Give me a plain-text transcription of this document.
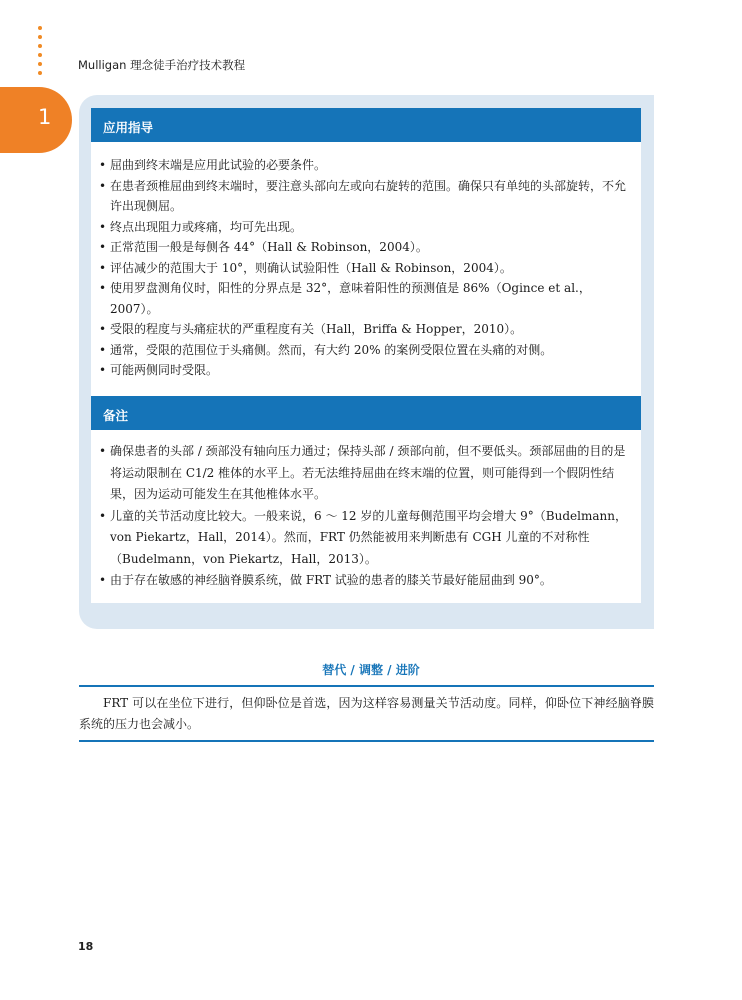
Mulligan 理念徒手治疗技术教程
1	应用指导
• 屈曲到终末端是应用此试验的必要条件。
• 在患者颈椎屈曲到终末端时，要注意头部向左或向右旋转的范围。确保只有单纯的头部旋转，不允许出现侧屈。
• 终点出现阻力或疼痛，均可先出现。
• 正常范围一般是每侧各 44°（Hall & Robinson，2004）。
• 评估减少的范围大于 10°，则确认试验阳性（Hall & Robinson，2004）。
• 使用罗盘测角仪时，阳性的分界点是 32°，意味着阳性的预测值是 86%（Ogince et al.，2007）。
• 受限的程度与头痛症状的严重程度有关（Hall，Briffa & Hopper，2010）。
• 通常，受限的范围位于头痛侧。然而，有大约 20% 的案例受限位置在头痛的对侧。
• 可能两侧同时受限。
备注
• 确保患者的头部 / 颈部没有轴向压力通过；保持头部 / 颈部向前，但不要低头。颈部屈曲的目的是将运动限制在 C1/2 椎体的水平上。若无法维持屈曲在终末端的位置，则可能得到一个假阴性结果，因为运动可能发生在其他椎体水平。
• 儿童的关节活动度比较大。一般来说，6 ～ 12 岁的儿童每侧范围平均会增大 9°（Budelmann，von Piekartz，Hall，2014）。然而，FRT 仍然能被用来判断患有 CGH 儿童的不对称性（Budelmann，von Piekartz，Hall，2013）。
• 由于存在敏感的神经脑脊膜系统，做 FRT 试验的患者的膝关节最好能屈曲到 90°。
替代 / 调整 / 进阶

FRT 可以在坐位下进行，但仰卧位是首选，因为这样容易测量关节活动度。同样，仰卧位下神经脑脊膜系统的压力也会减小。

18
